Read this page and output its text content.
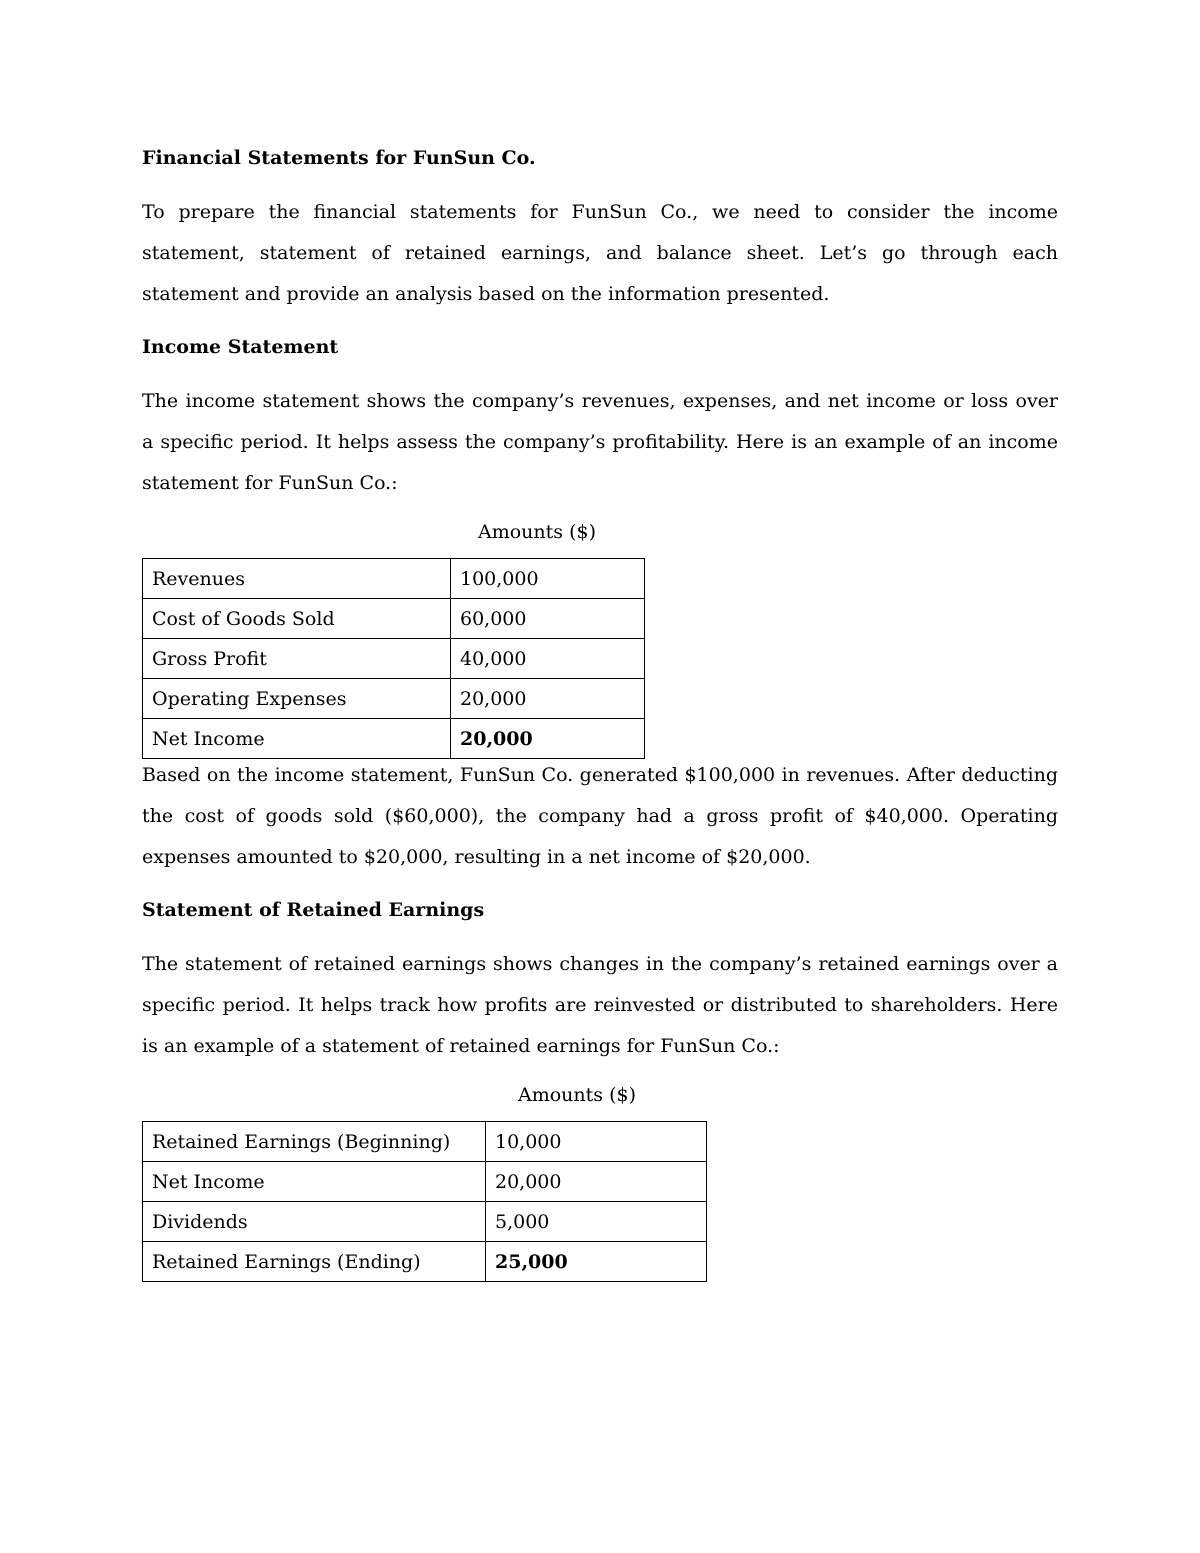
Financial Statements for FunSun Co.

To prepare the financial statements for FunSun Co., we need to consider the income statement, statement of retained earnings, and balance sheet. Let’s go through each statement and provide an analysis based on the information presented.

Income Statement

The income statement shows the company’s revenues, expenses, and net income or loss over a specific period. It helps assess the company’s profitability. Here is an example of an income statement for FunSun Co.:

Amounts ($)

Revenues	100,000
Cost of Goods Sold	60,000
Gross Profit	40,000
Operating Expenses	20,000
Net Income	20,000

Based on the income statement, FunSun Co. generated $100,000 in revenues. After deducting the cost of goods sold ($60,000), the company had a gross profit of $40,000. Operating expenses amounted to $20,000, resulting in a net income of $20,000.

Statement of Retained Earnings

The statement of retained earnings shows changes in the company’s retained earnings over a specific period. It helps track how profits are reinvested or distributed to shareholders. Here is an example of a statement of retained earnings for FunSun Co.:

Amounts ($)

Retained Earnings (Beginning)	10,000
Net Income	20,000
Dividends	5,000
Retained Earnings (Ending)	25,000
